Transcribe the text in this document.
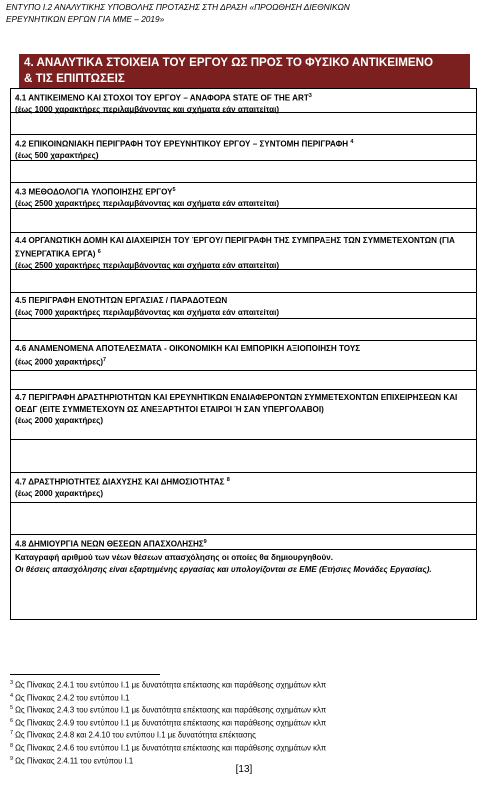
ΕΝΤΥΠΟ Ι.2 ΑΝΑΛΥΤΙΚΗΣ ΥΠΟΒΟΛΗΣ ΠΡΟΤΑΣΗΣ ΣΤΗ ΔΡΑΣΗ «ΠΡΟΩΘΗΣΗ ΔΙΕΘΝΙΚΩΝ
ΕΡΕΥΝΗΤΙΚΩΝ ΕΡΓΩΝ ΓΙΑ ΜΜΕ – 2019»
4. ΑΝΑΛΥΤΙΚΑ ΣΤΟΙΧΕΙΑ ΤΟΥ ΕΡΓΟΥ ΩΣ ΠΡΟΣ ΤΟ ΦΥΣΙΚΟ ΑΝΤΙΚΕΙΜΕΝΟ
& ΤΙΣ ΕΠΙΠΤΩΣΕΙΣ
4.1 ΑΝΤΙΚΕΙΜΕΝΟ ΚΑΙ ΣΤΟΧΟΙ ΤΟΥ ΕΡΓΟΥ – ΑΝΑΦΟΡΑ STATE OF THE ART$^3$
(έως 1000 χαρακτήρες περιλαμβάνοντας και σχήματα εάν απαιτείται)
4.2 ΕΠΙΚΟΙΝΩΝΙΑΚΗ ΠΕΡΙΓΡΑΦΗ ΤΟΥ ΕΡΕΥΝΗΤΙΚΟΥ ΕΡΓΟΥ – ΣΥΝΤΟΜΗ ΠΕΡΙΓΡΑΦΗ $^4$
(έως 500 χαρακτήρες)
4.3 ΜΕΘΟΔΟΛΟΓΙΑ ΥΛΟΠΟΙΗΣΗΣ ΕΡΓΟΥ$^5$
(έως 2500 χαρακτήρες περιλαμβάνοντας και σχήματα εάν απαιτείται)
4.4 ΟΡΓΑΝΩΤΙΚΗ ΔΟΜΗ ΚΑΙ ΔΙΑΧΕΙΡΙΣΗ ΤΟΥ ΈΡΓΟΥ/ ΠΕΡΙΓΡΑΦΗ ΤΗΣ ΣΥΜΠΡΑΞΗΣ ΤΩΝ ΣΥΜΜΕΤΕΧΟΝΤΩΝ (ΓΙΑ ΣΥΝΕΡΓΑΤΙΚΑ ΕΡΓΑ) $^6$
(έως 2500 χαρακτήρες περιλαμβάνοντας και σχήματα εάν απαιτείται)
4.5 ΠΕΡΙΓΡΑΦΗ ΕΝΟΤΗΤΩΝ ΕΡΓΑΣΙΑΣ / ΠΑΡΑΔΟΤΕΩΝ
(έως 7000 χαρακτήρες περιλαμβάνοντας και σχήματα εάν απαιτείται)
4.6 ΑΝΑΜΕΝΟΜΕΝΑ ΑΠΟΤΕΛΕΣΜΑΤΑ - ΟΙΚΟΝΟΜΙΚΗ ΚΑΙ ΕΜΠΟΡΙΚΗ ΑΞΙΟΠΟΙΗΣΗ ΤΟΥΣ
(έως 2000 χαρακτήρες)$^7$
4.7 ΠΕΡΙΓΡΑΦΗ ΔΡΑΣΤΗΡΙΟΤΗΤΩΝ ΚΑΙ ΕΡΕΥΝΗΤΙΚΩΝ ΕΝΔΙΑΦΕΡΟΝΤΩΝ ΣΥΜΜΕΤΕΧΟΝΤΩΝ ΕΠΙΧΕΙΡΗΣΕΩΝ ΚΑΙ ΟΕΔΓ (ΕΙΤΕ ΣΥΜΜΕΤΕΧΟΥΝ ΩΣ ΑΝΕΞΑΡΤΗΤΟΙ ΕΤΑΙΡΟΙ Ή ΣΑΝ ΥΠΕΡΓΟΛΑΒΟΙ)
(έως 2000 χαρακτήρες)
4.7 ΔΡΑΣΤΗΡΙΟΤΗΤΕΣ ΔΙΑΧΥΣΗΣ ΚΑΙ ΔΗΜΟΣΙΟΤΗΤΑΣ $^8$
(έως 2000 χαρακτήρες)
4.8 ΔΗΜΙΟΥΡΓΙΑ ΝΕΩΝ ΘΕΣΕΩΝ ΑΠΑΣΧΟΛΗΣΗΣ$^9$
Καταγραφή αριθμού των νέων θέσεων απασχόλησης οι οποίες θα δημιουργηθούν.
Οι θέσεις απασχόλησης είναι εξαρτημένης εργασίας και υπολογίζονται σε ΕΜΕ (Ετήσιες Μονάδες Εργασίας).
$^3$ Ως Πίνακας 2.4.1 του εντύπου Ι.1 με δυνατότητα επέκτασης και παράθεσης σχημάτων κλπ
$^4$ Ως Πίνακας 2.4.2 του εντύπου Ι.1
$^5$ Ως Πίνακας 2.4.3 του εντύπου Ι.1 με δυνατότητα επέκτασης και παράθεσης σχημάτων κλπ
$^6$ Ως Πίνακας 2.4.9 του εντύπου Ι.1 με δυνατότητα επέκτασης και παράθεσης σχημάτων κλπ
$^7$ Ως Πίνακας 2.4.8 και 2.4.10 του εντύπου Ι.1 με δυνατότητα επέκτασης
$^8$ Ως Πίνακας 2.4.6 του εντύπου Ι.1 με δυνατότητα επέκτασης και παράθεσης σχημάτων κλπ
$^9$ Ως Πίνακας 2.4.11 του εντύπου Ι.1
[13]
